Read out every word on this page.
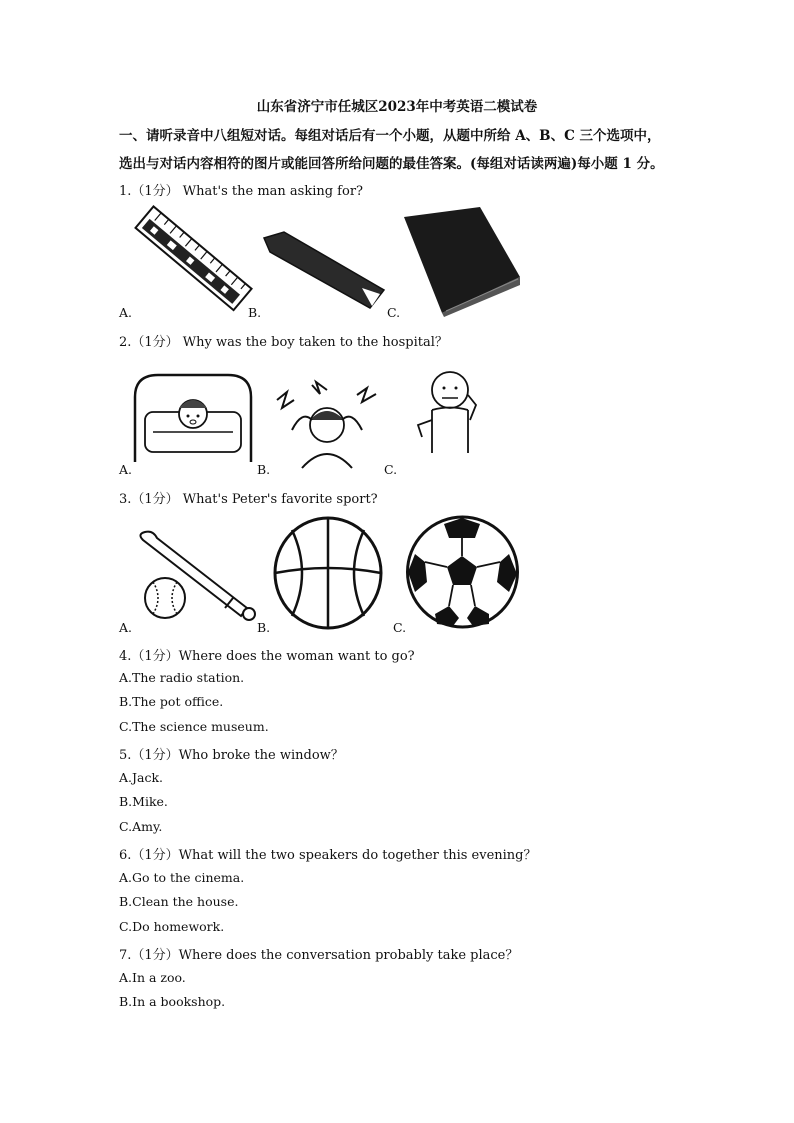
山东省济宁市任城区2023年中考英语二模试卷
一、请听录音中八组短对话。每组对话后有一个小题，从题中所给 A、B、C 三个选项中，
选出与对话内容相符的图片或能回答所给问题的最佳答案。(每组对话读两遍)每小题 1 分。
1.（1分） What's the man asking for?
A.	B.	C.
2.（1分） Why was the boy taken to the hospital？
A.	B.	C.
3.（1分） What's Peter's favorite sport?
A.	B.	C.
4.（1分）Where does the woman want to go?
A.The radio station.
B.The pot office.
C.The science museum.
5.（1分）Who broke the window？
A.Jack.
B.Mike.
C.Amy.
6.（1分）What will the two speakers do together this evening？
A.Go to the cinema.
B.Clean the house.
C.Do homework.
7.（1分）Where does the conversation probably take place？
A.In a zoo.
B.In a bookshop.
